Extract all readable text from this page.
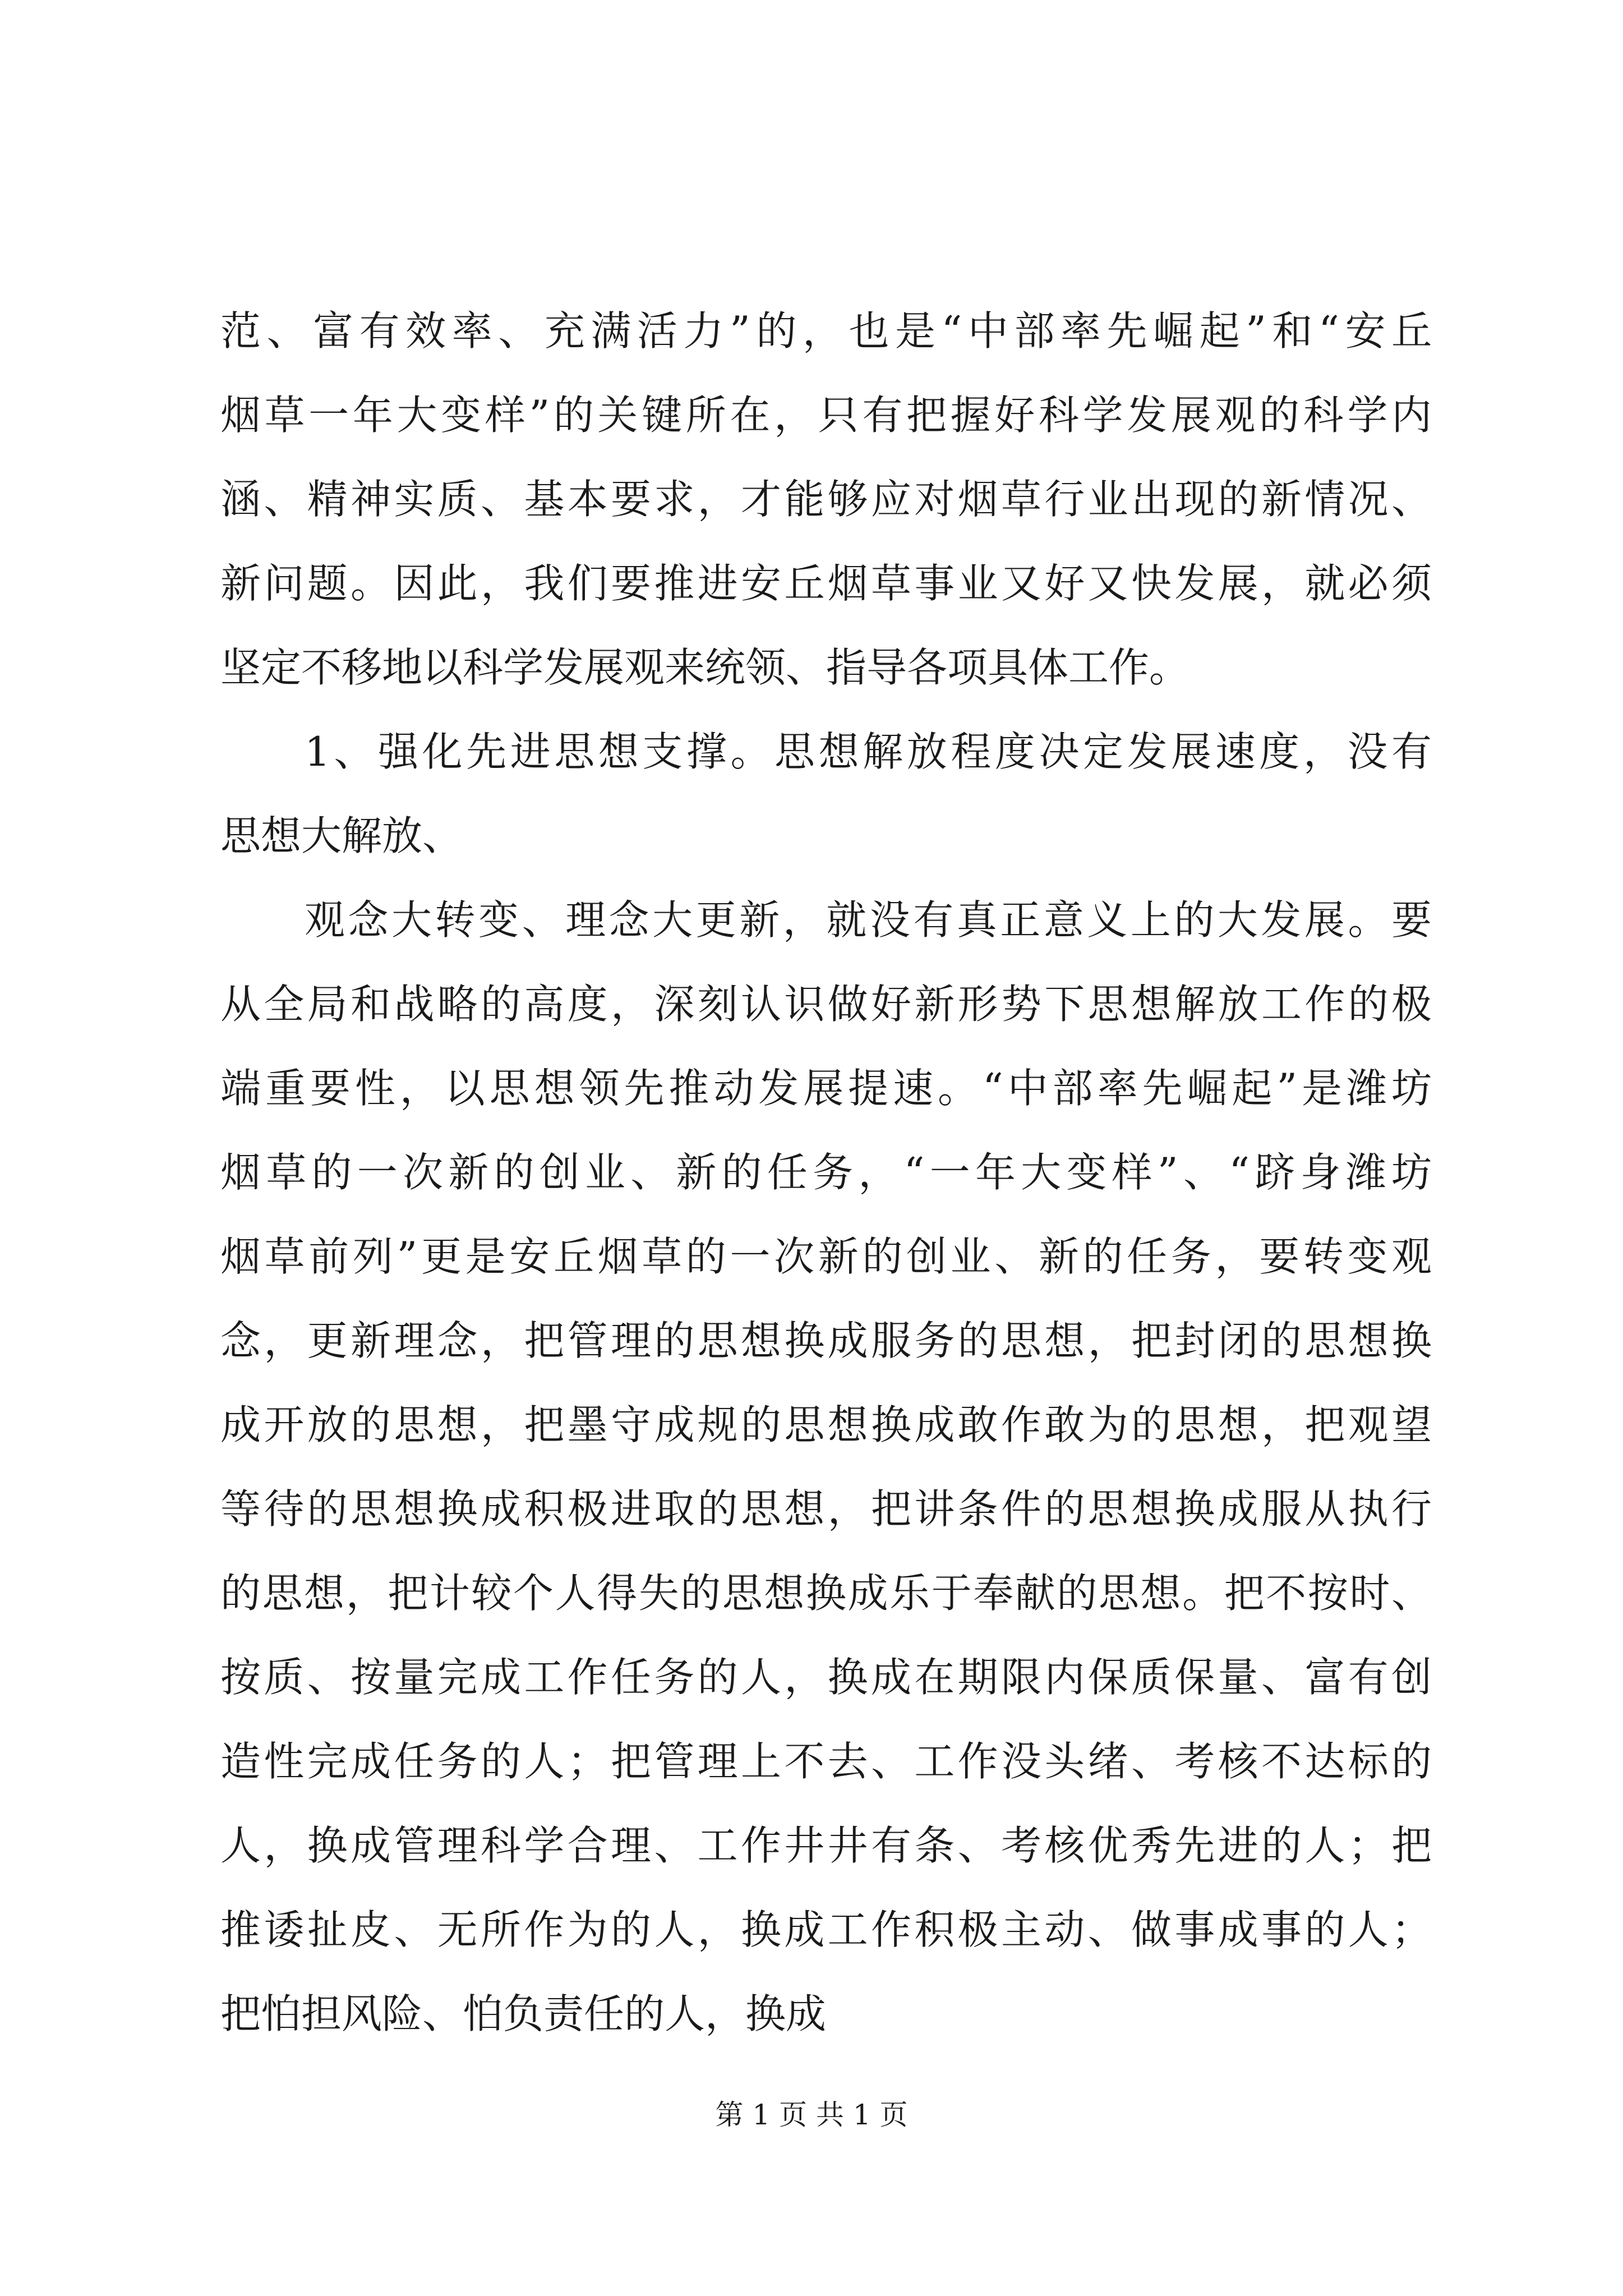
范、富有效率、充满活力”的，也是“中部率先崛起”和“安丘
烟草一年大变样”的关键所在，只有把握好科学发展观的科学内
涵、精神实质、基本要求，才能够应对烟草行业出现的新情况、
新问题。因此，我们要推进安丘烟草事业又好又快发展，就必须
坚定不移地以科学发展观来统领、指导各项具体工作。
1、强化先进思想支撑。思想解放程度决定发展速度，没有
思想大解放、
观念大转变、理念大更新，就没有真正意义上的大发展。要
从全局和战略的高度，深刻认识做好新形势下思想解放工作的极
端重要性，以思想领先推动发展提速。“中部率先崛起”是潍坊
烟草的一次新的创业、新的任务，“一年大变样”、“跻身潍坊
烟草前列”更是安丘烟草的一次新的创业、新的任务，要转变观
念，更新理念，把管理的思想换成服务的思想，把封闭的思想换
成开放的思想，把墨守成规的思想换成敢作敢为的思想，把观望
等待的思想换成积极进取的思想，把讲条件的思想换成服从执行
的思想，把计较个人得失的思想换成乐于奉献的思想。把不按时、
按质、按量完成工作任务的人，换成在期限内保质保量、富有创
造性完成任务的人；把管理上不去、工作没头绪、考核不达标的
人，换成管理科学合理、工作井井有条、考核优秀先进的人；把
推诿扯皮、无所作为的人，换成工作积极主动、做事成事的人；
把怕担风险、怕负责任的人，换成
第 1 页 共 1 页
